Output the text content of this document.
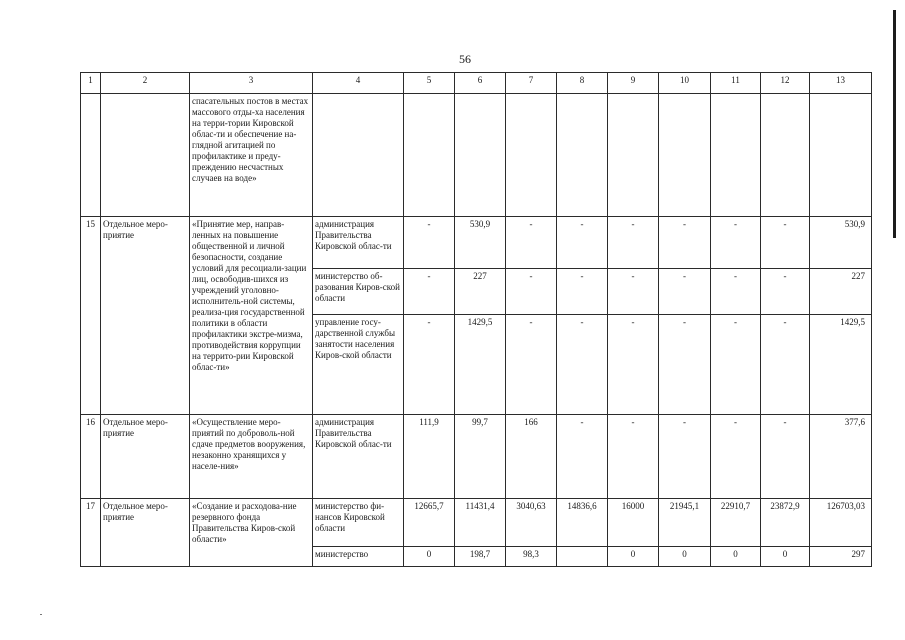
56
1	2	3	4	5	6	7	8	9	10	11	12	13
		спасательных постов в местах массового отды-ха населения на терри-тории Кировской облас-ти и обеспечение на-глядной агитацией по профилактике и преду-преждению несчастных случаев на воде»										
15	Отдельное меро-приятие	«Принятие мер, направ-ленных на повышение общественной и личной безопасности, создание условий для ресоциали-зации лиц, освободив-шихся из учреждений уголовно-исполнитель-ной системы, реализа-ция государственной политики в области профилактики экстре-мизма, противодействия коррупции на террито-рии Кировской облас-ти»	администрация Правительства Кировской облас-ти	-	530,9	-	-	-	-	-	-	530,9
			министерство об-разования Киров-ской области	-	227	-	-	-	-	-	-	227
			управление госу-дарственной службы занятости населения Киров-ской области	-	1429,5	-	-	-	-	-	-	1429,5
16	Отдельное меро-приятие	«Осуществление меро-приятий по доброволь-ной сдаче предметов вооружения, незаконно хранящихся у населе-ния»	администрация Правительства Кировской облас-ти	111,9	99,7	166	-	-	-	-	-	377,6
17	Отдельное меро-приятие	«Создание и расходова-ние резервного фонда Правительства Киров-ской области»	министерство фи-нансов Кировской области	12665,7	11431,4	3040,63	14836,6	16000	21945,1	22910,7	23872,9	126703,03
			министерство	0	198,7	98,3		0	0	0	0	297
